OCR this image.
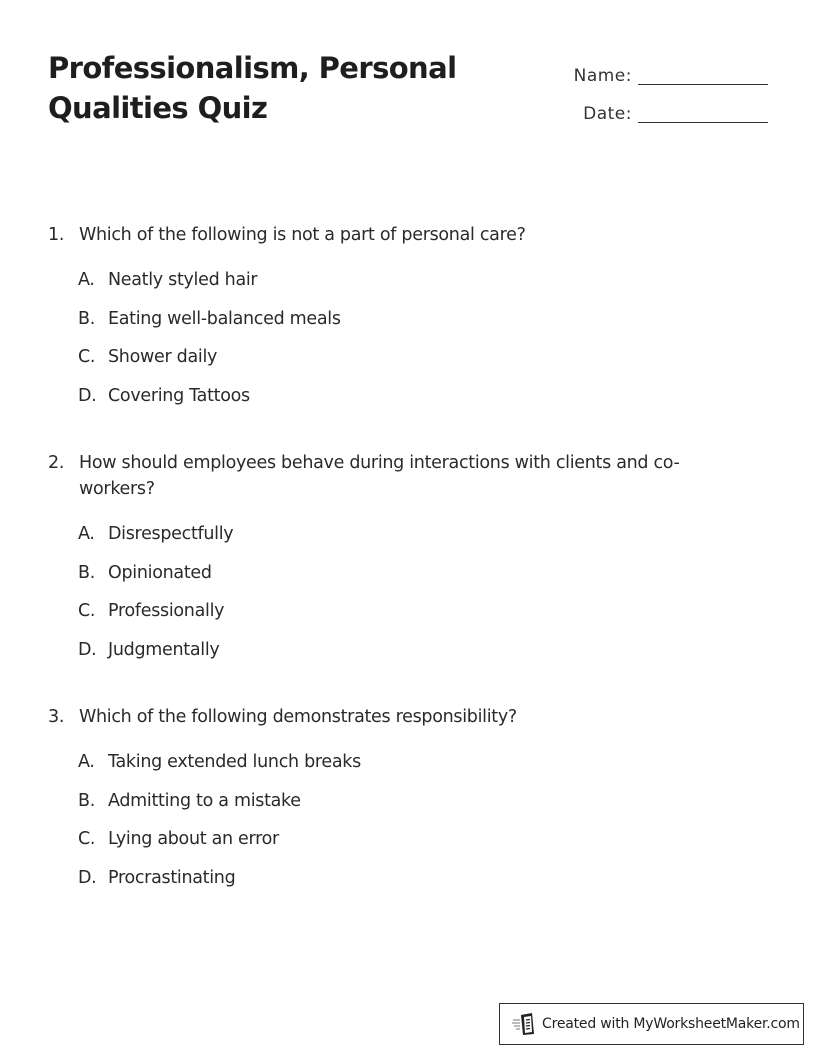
Professionalism, Personal Qualities Quiz
Name:
Date:
1. Which of the following is not a part of personal care?
A. Neatly styled hair
B. Eating well-balanced meals
C. Shower daily
D. Covering Tattoos
2. How should employees behave during interactions with clients and co-workers?
A. Disrespectfully
B. Opinionated
C. Professionally
D. Judgmentally
3. Which of the following demonstrates responsibility?
A. Taking extended lunch breaks
B. Admitting to a mistake
C. Lying about an error
D. Procrastinating
Created with MyWorksheetMaker.com
